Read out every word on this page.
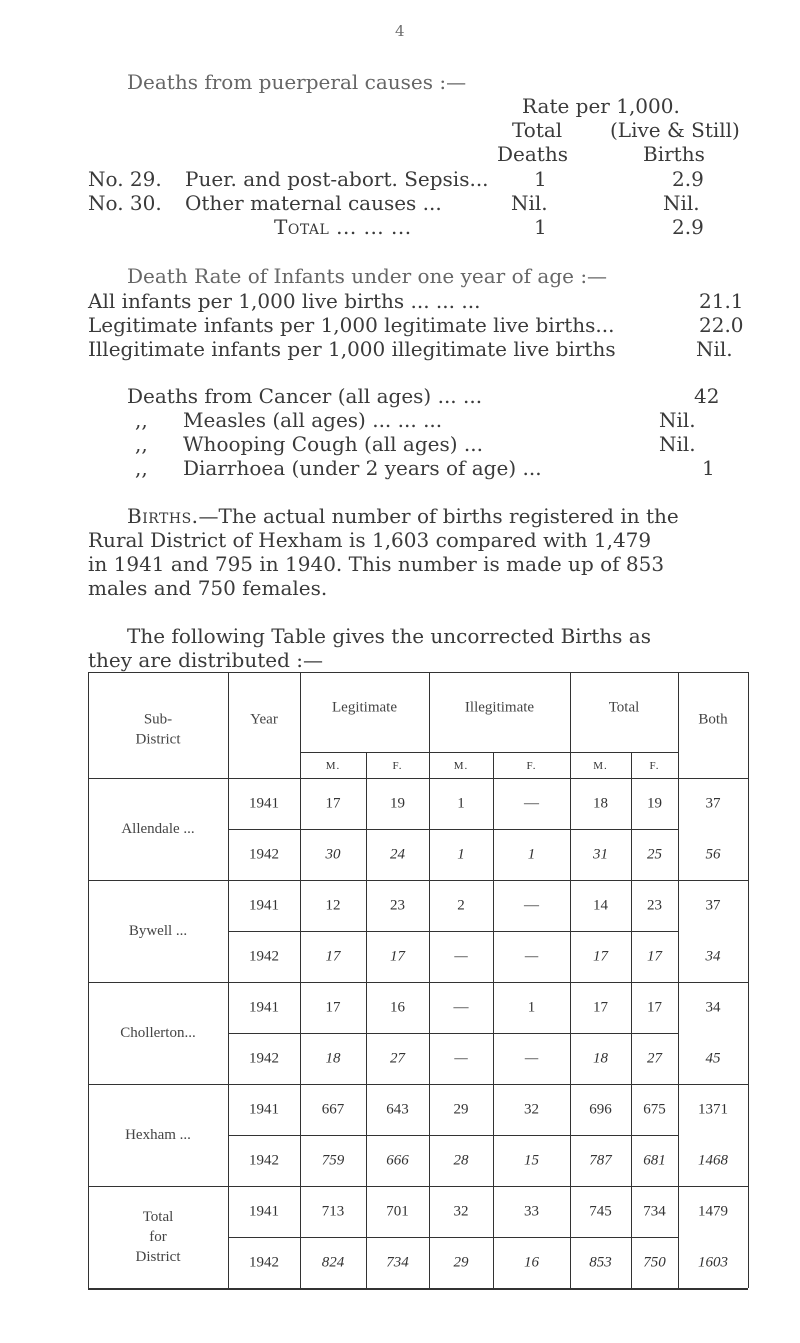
4
Deaths from puerperal causes :—
Rate per 1,000.
Total (Live & Still)
Deaths	Births
No. 29. Puer. and post-abort. Sepsis... 1	2.9
No. 30. Other maternal causes ...	Nil.	Nil.
Total ... ... ...	1	2.9
Death Rate of Infants under one year of age :—
All infants per 1,000 live births ... ... ...	21.1
Legitimate infants per 1,000 legitimate live births...	22.0
Illegitimate infants per 1,000 illegitimate live births	Nil.
Deaths from Cancer (all ages) ... ...	42
,, Measles (all ages) ... ... ...	Nil.
,, Whooping Cough (all ages) ...	Nil.
,, Diarrhoea (under 2 years of age) ...	1
Births.—The actual number of births registered in the
Rural District of Hexham is 1,603 compared with 1,479
in 1941 and 795 in 1940. This number is made up of 853
males and 750 females.
The following Table gives the uncorrected Births as
they are distributed :—
Sub-
District
Year
Legitimate	Illegitimate	Total
Both
M.	F.	M.	F.	M.	F.
Allendale ...
1941	17	19	1	—	18	19	37
1942	30	24	1	1	31	25	56
Bywell ...
1941	12	23	2	—	14	23	37
1942	17	17	—	—	17	17	34
Chollerton...
1941	17	16	—	1	17	17	34
1942	18	27	—	—	18	27	45
Hexham ...
1941	667	643	29	32	696 675 1371
1942	759	666	28	15	787 681 1468
Total
for
District
1941	713	701	32	33	745 734 1479
1942	824	734	29	16	853 750 1603
